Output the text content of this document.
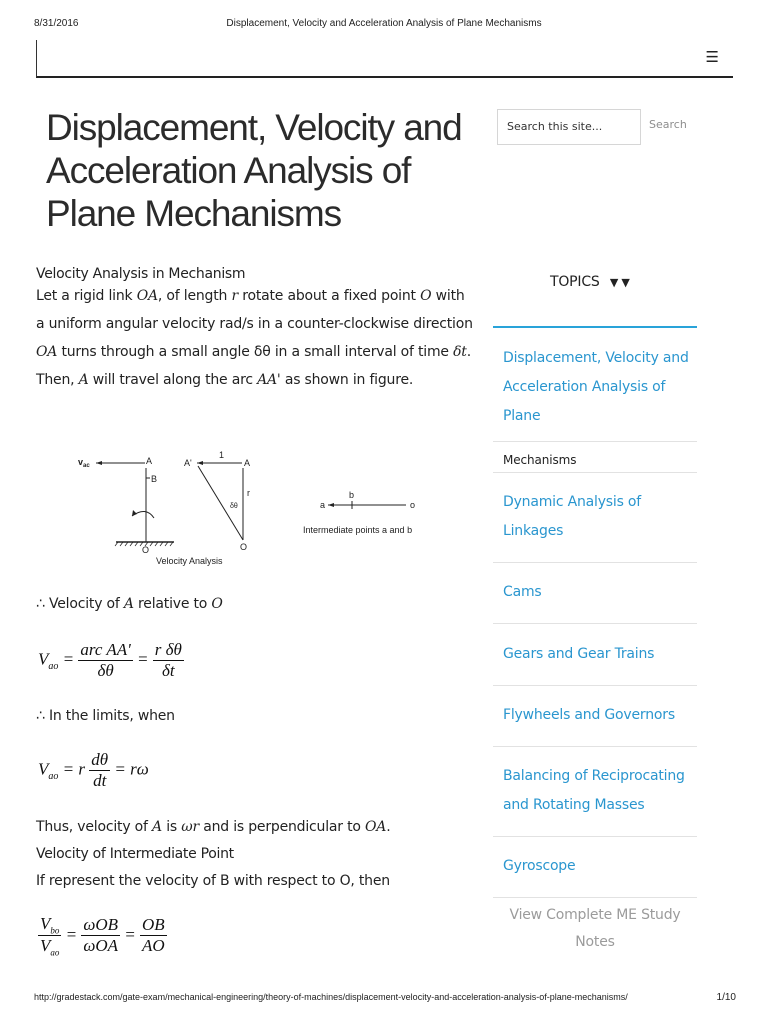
8/31/2016	Displacement, Velocity and Acceleration Analysis of Plane Mechanisms
☰
Displacement, Velocity and Acceleration Analysis of Plane Mechanisms
Search this site...	Search
Velocity Analysis in Mechanism

Let a rigid link OA, of length r rotate about a fixed point O with a uniform angular velocity rad/s in a counter-clockwise direction OA turns through a small angle δθ in a small interval of time δt. Then, A will travel along the arc AA' as shown in figure.

$v_{ac}$	A
B
O
Velocity Analysis
A'
1
A
r
δθ
O
a
b
o
Intermediate points a and b

∴ Velocity of A relative to O

$V_{ao} = \frac{\text{arc AA'}}{\delta\theta} = \frac{\text{r δθ}}{\delta t}$

∴ In the limits, when

$V_{ao} = r \frac{d\theta}{dt} = r\omega$

Thus, velocity of A is ωr and is perpendicular to OA.

Velocity of Intermediate Point

If represent the velocity of B with respect to O, then

$\frac{V_{bo}}{V_{ao}} = \frac{\text{ωOB}}{\text{ωOA}} = \frac{OB}{AO}$
TOPICS ▼ ▼
Displacement, Velocity and Acceleration Analysis of Plane
Mechanisms
Dynamic Analysis of Linkages
Cams
Gears and Gear Trains
Flywheels and Governors
Balancing of Reciprocating and Rotating Masses
Gyroscope
View Complete ME Study Notes
http://gradestack.com/gate-exam/mechanical-engineering/theory-of-machines/displacement-velocity-and-acceleration-analysis-of-plane-mechanisms/	1/10
